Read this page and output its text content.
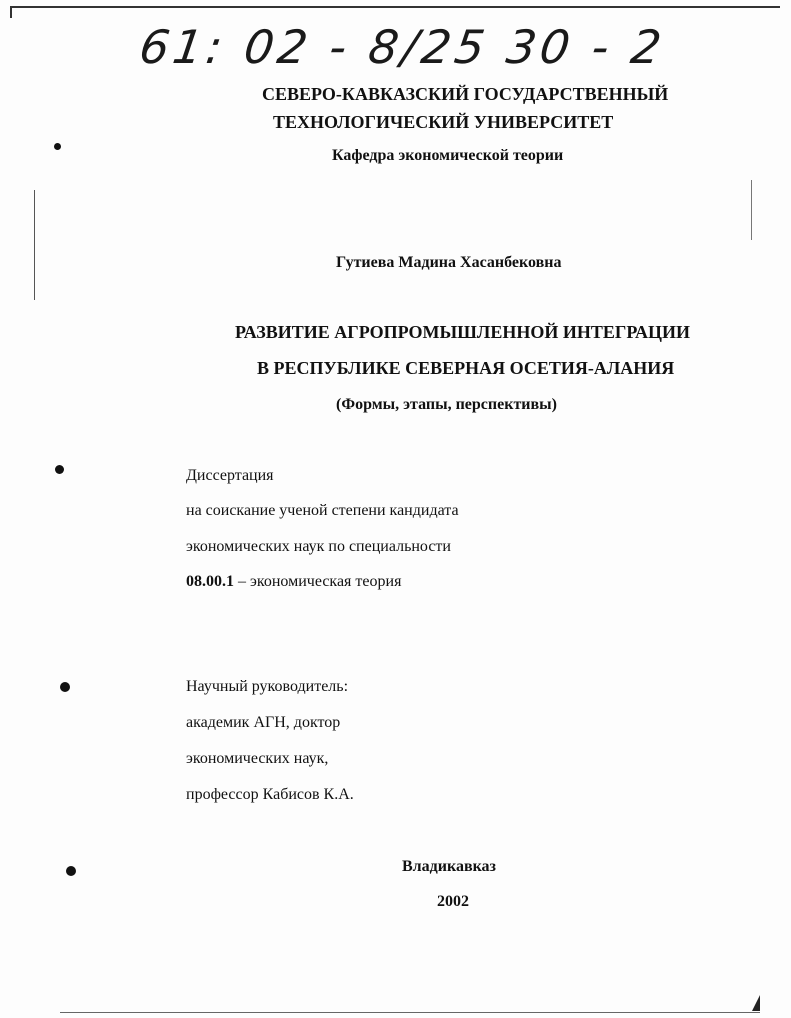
61: 02 - 8/25 30 - 2
СЕВЕРО-КАВКАЗСКИЙ ГОСУДАРСТВЕННЫЙ
ТЕХНОЛОГИЧЕСКИЙ УНИВЕРСИТЕТ
Кафедра экономической теории
Гутиева Мадина Хасанбековна
РАЗВИТИЕ АГРОПРОМЫШЛЕННОЙ ИНТЕГРАЦИИ
В РЕСПУБЛИКЕ СЕВЕРНАЯ ОСЕТИЯ-АЛАНИЯ
(Формы, этапы, перспективы)
Диссертация
на соискание ученой степени кандидата
экономических наук по специальности
08.00.1 – экономическая теория
Научный руководитель:
академик АГН, доктор
экономических наук,
профессор Кабисов К.А.
Владикавказ
2002
